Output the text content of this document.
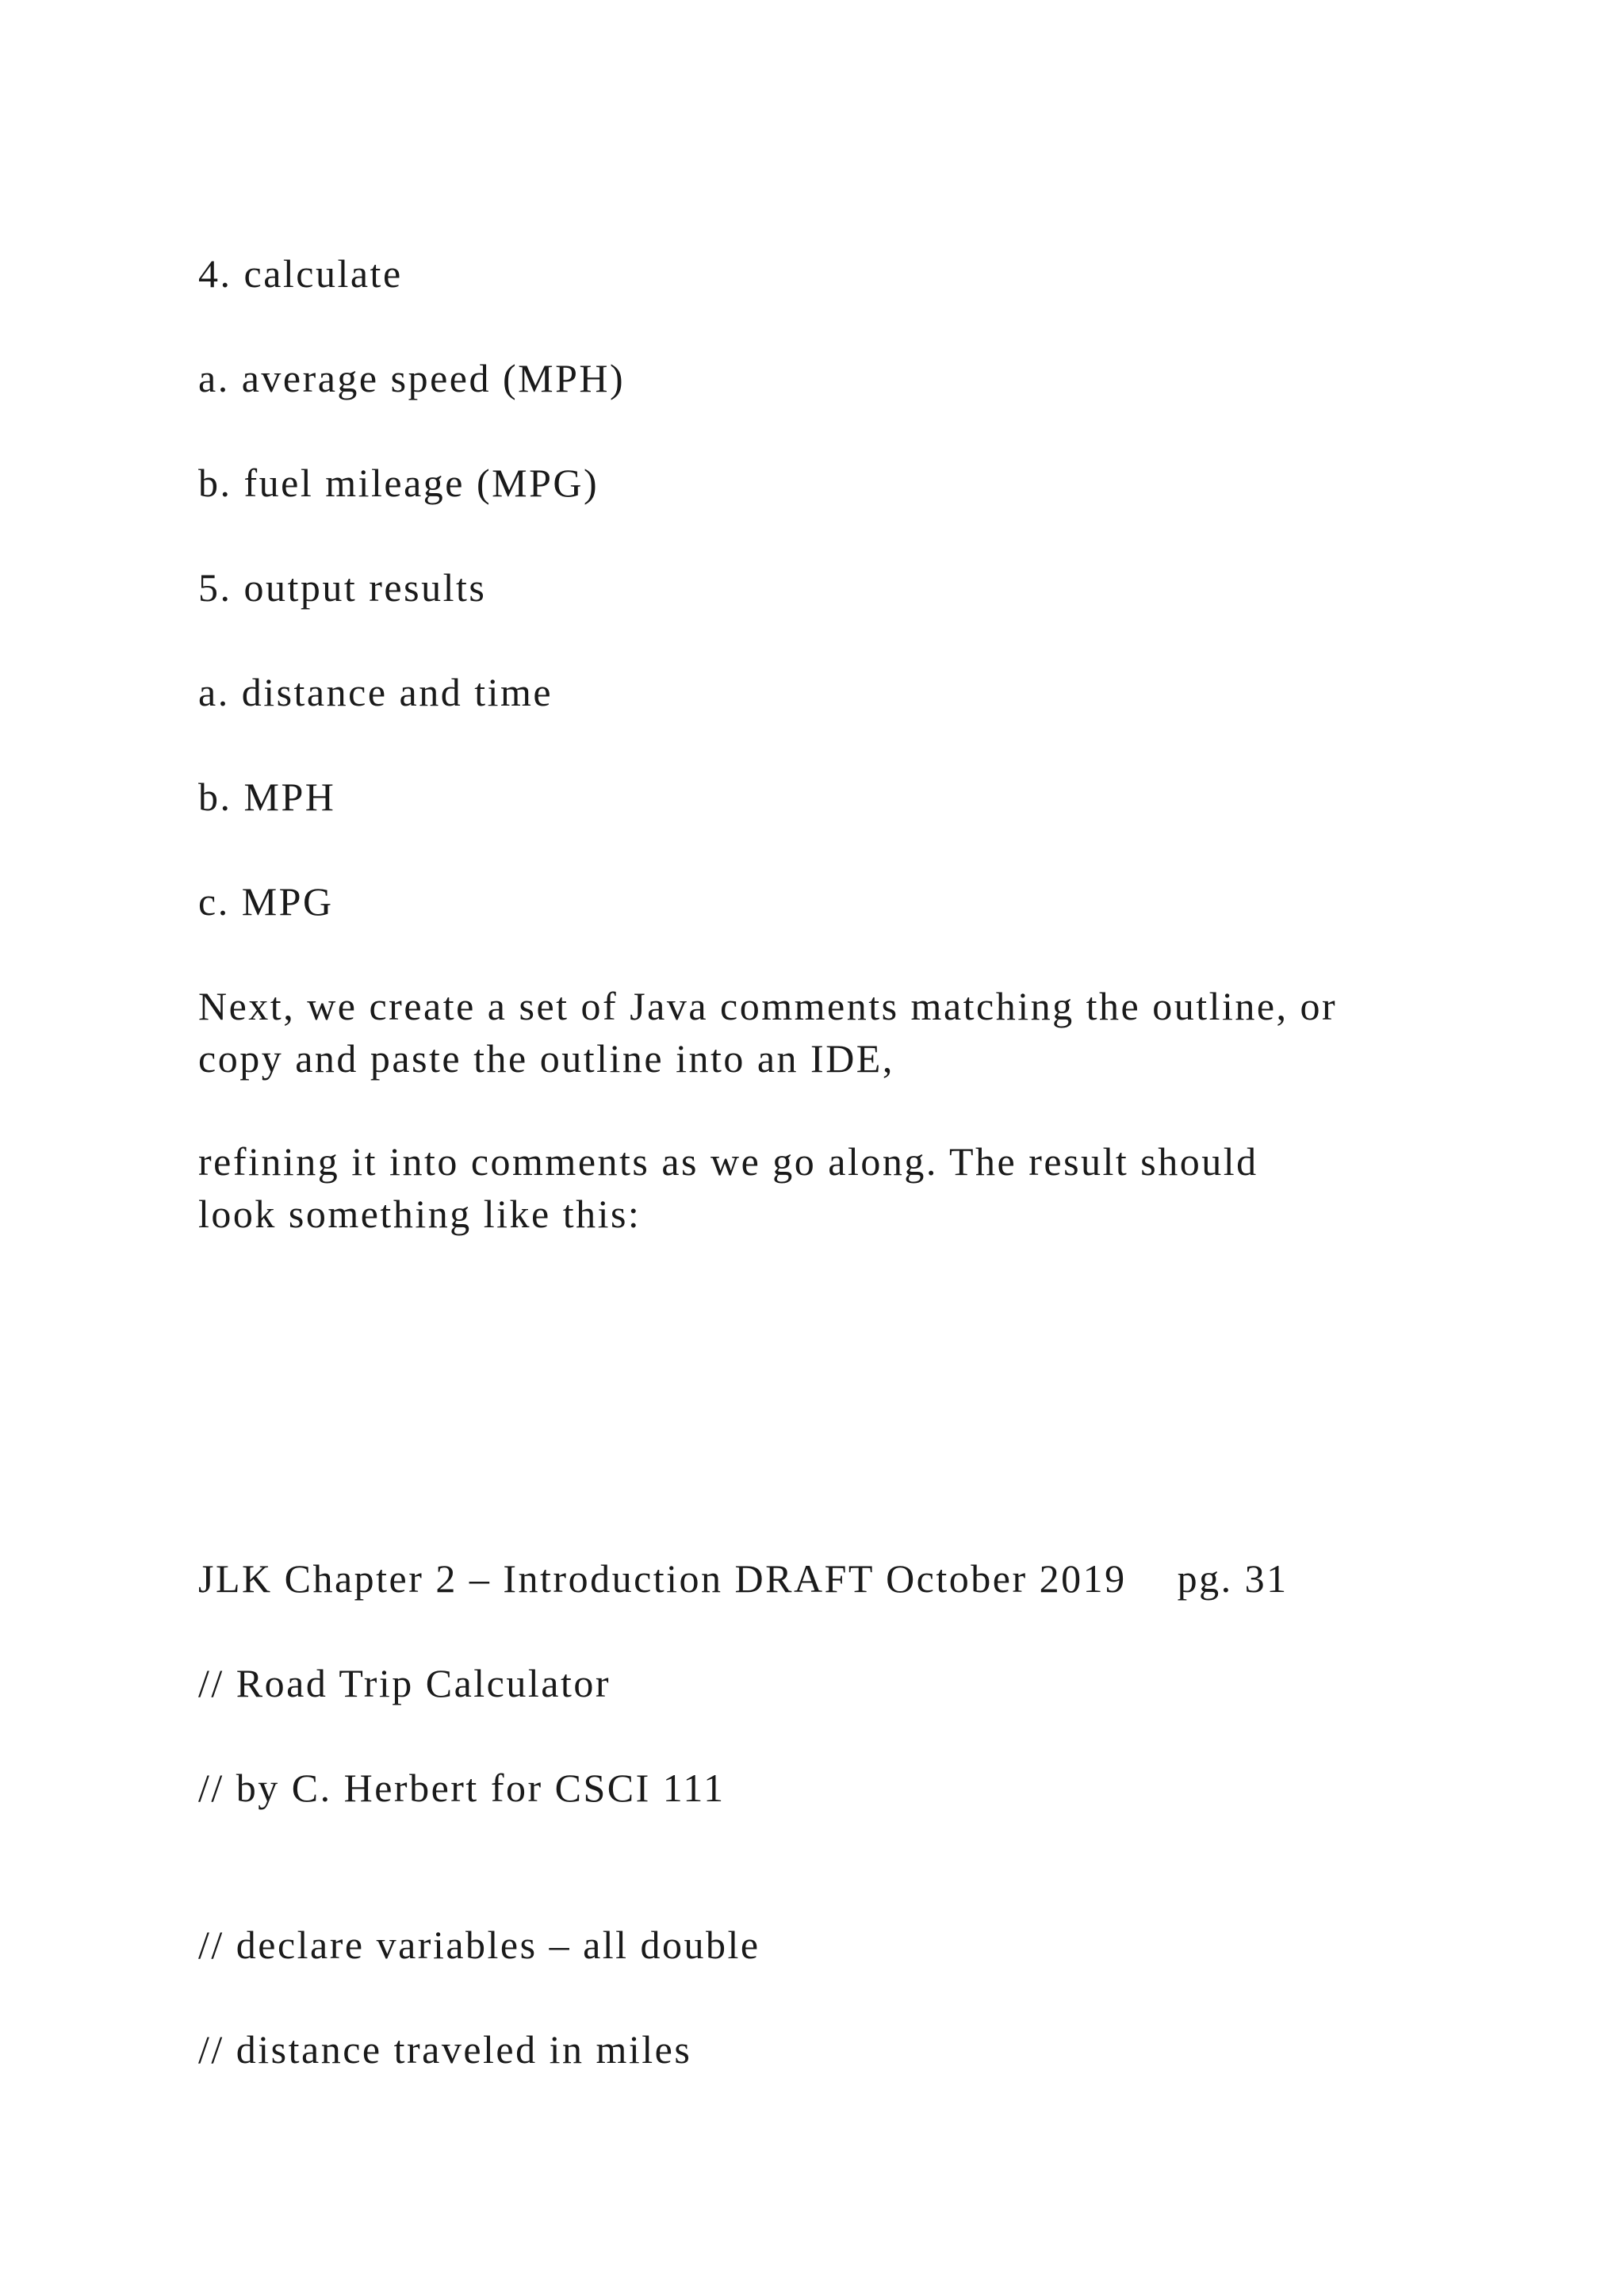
4. calculate

a. average speed (MPH)

b. fuel mileage (MPG)

5. output results

a. distance and time

b. MPH

c. MPG

Next, we create a set of Java comments matching the outline, or
copy and paste the outline into an IDE,
refining it into comments as we go along. The result should
look something like this:

JLK Chapter 2 – Introduction DRAFT October 2019 pg. 31

// Road Trip Calculator

// by C. Herbert for CSCI 111

// declare variables – all double

// distance traveled in miles
